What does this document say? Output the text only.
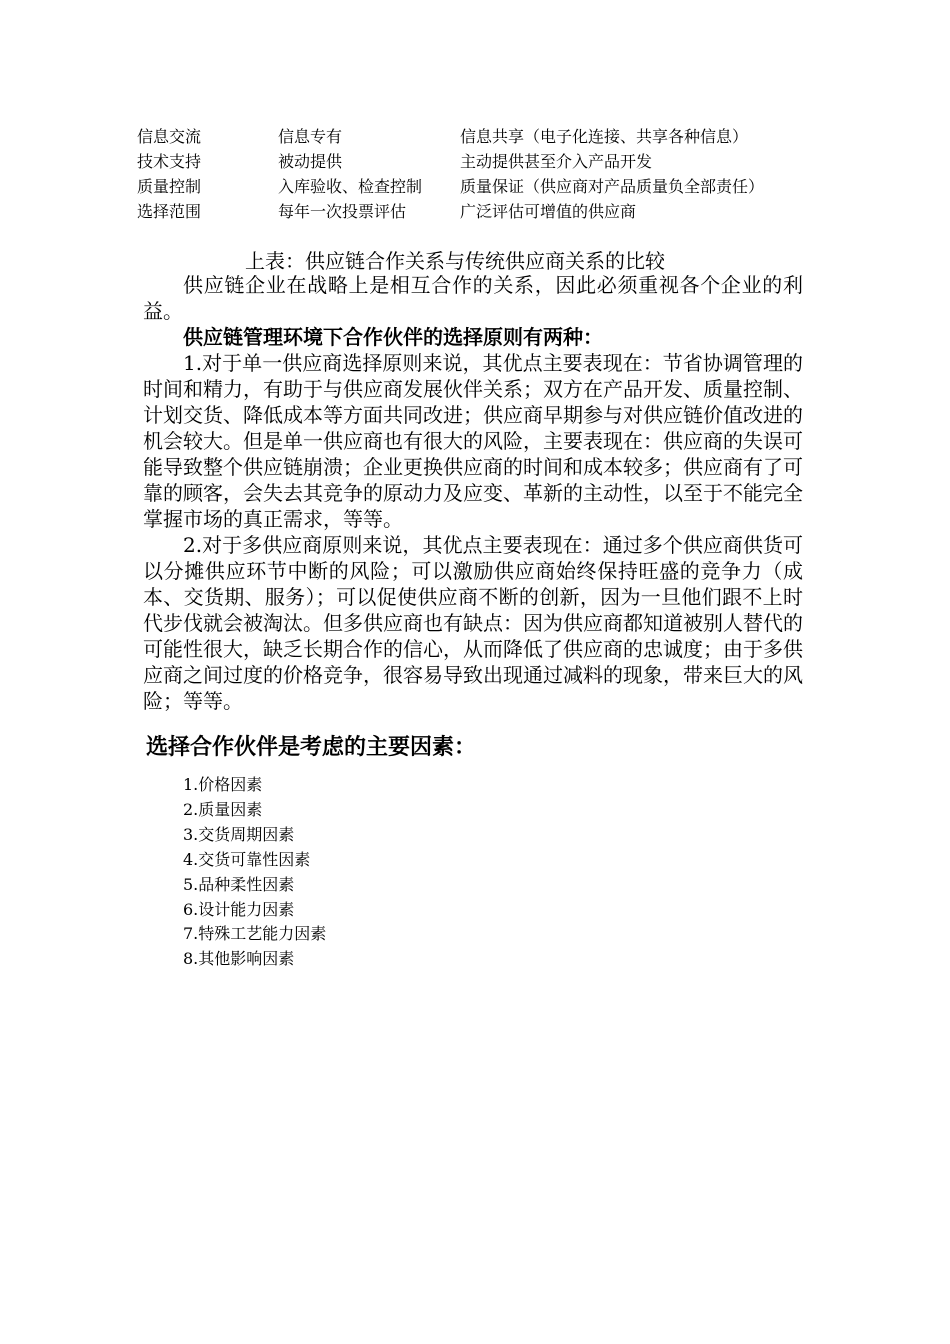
信息交流	信息专有	信息共享（电子化连接、共享各种信息）
技术支持	被动提供	主动提供甚至介入产品开发
质量控制	入库验收、检查控制	质量保证（供应商对产品质量负全部责任）
选择范围	每年一次投票评估	广泛评估可增值的供应商
上表：供应链合作关系与传统供应商关系的比较

供应链企业在战略上是相互合作的关系，因此必须重视各个企业的利益。

供应链管理环境下合作伙伴的选择原则有两种：

1.对于单一供应商选择原则来说，其优点主要表现在：节省协调管理的时间和精力，有助于与供应商发展伙伴关系；双方在产品开发、质量控制、计划交货、降低成本等方面共同改进；供应商早期参与对供应链价值改进的机会较大。但是单一供应商也有很大的风险，主要表现在：供应商的失误可能导致整个供应链崩溃；企业更换供应商的时间和成本较多；供应商有了可靠的顾客，会失去其竞争的原动力及应变、革新的主动性，以至于不能完全掌握市场的真正需求，等等。

2.对于多供应商原则来说，其优点主要表现在：通过多个供应商供货可以分摊供应环节中断的风险；可以激励供应商始终保持旺盛的竞争力（成本、交货期、服务）；可以促使供应商不断的创新，因为一旦他们跟不上时代步伐就会被淘汰。但多供应商也有缺点：因为供应商都知道被别人替代的可能性很大，缺乏长期合作的信心，从而降低了供应商的忠诚度；由于多供应商之间过度的价格竞争，很容易导致出现通过减料的现象，带来巨大的风险；等等。

选择合作伙伴是考虑的主要因素：
1.价格因素
2.质量因素
3.交货周期因素
4.交货可靠性因素
5.品种柔性因素
6.设计能力因素
7.特殊工艺能力因素
8.其他影响因素
